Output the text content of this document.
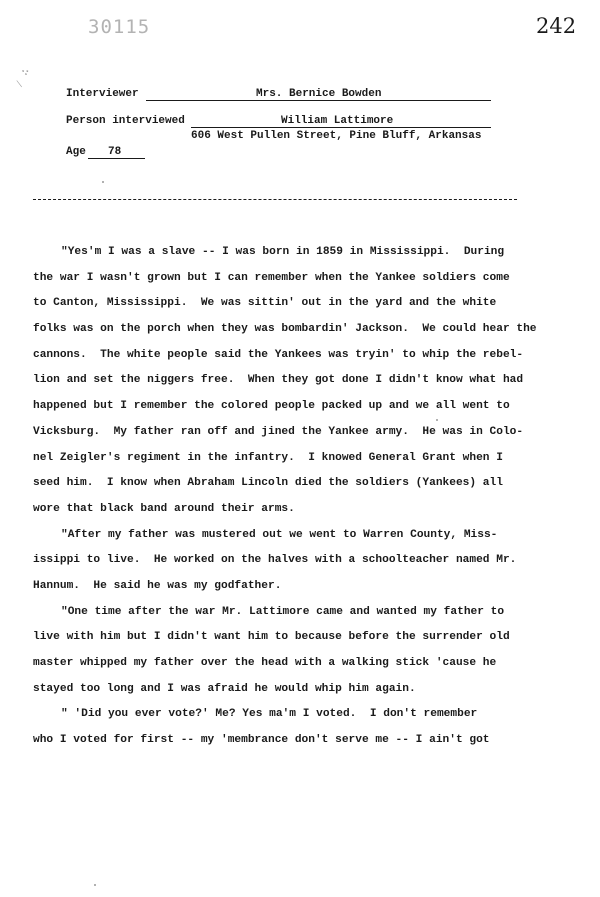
30115	242
⁄ ∴
Interviewer	Mrs. Bernice Bowden
Person interviewed	William Lattimore
606 West Pullen Street, Pine Bluff, Arkansas
Age 78
"Yes'm I was a slave -- I was born in 1859 in Mississippi.  During
the war I wasn't grown but I can remember when the Yankee soldiers come
to Canton, Mississippi.  We was sittin' out in the yard and the white
folks was on the porch when they was bombardin' Jackson.  We could hear the
cannons.  The white people said the Yankees was tryin' to whip the rebel-
lion and set the niggers free.  When they got done I didn't know what had
happened but I remember the colored people packed up and we all went to
Vicksburg.  My father ran off and jined the Yankee army.  He was in Colo-
nel Zeigler's regiment in the infantry.  I knowed General Grant when I
seed him.  I know when Abraham Lincoln died the soldiers (Yankees) all
wore that black band around their arms.
"After my father was mustered out we went to Warren County, Miss-
issippi to live.  He worked on the halves with a schoolteacher named Mr.
Hannum.  He said he was my godfather.
"One time after the war Mr. Lattimore came and wanted my father to
live with him but I didn't want him to because before the surrender old
master whipped my father over the head with a walking stick 'cause he
stayed too long and I was afraid he would whip him again.
" 'Did you ever vote?' Me? Yes ma'm I voted.  I don't remember
who I voted for first -- my 'membrance don't serve me -- I ain't got
